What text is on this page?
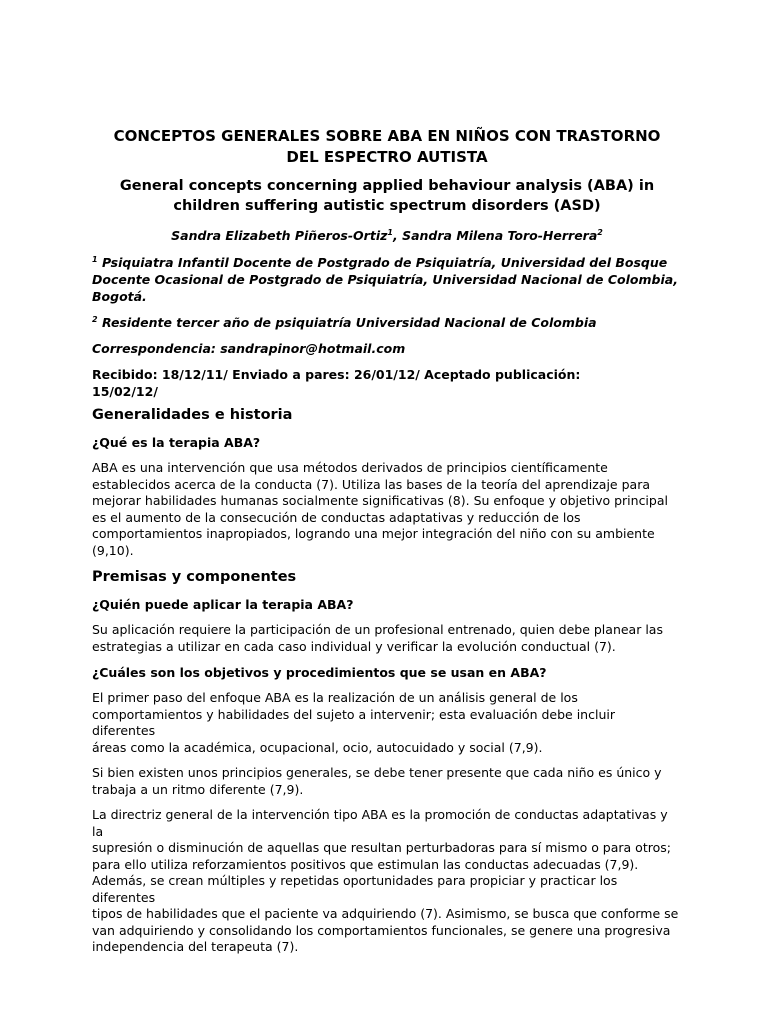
CONCEPTOS GENERALES SOBRE ABA EN NIÑOS CON TRASTORNO
DEL ESPECTRO AUTISTA
General concepts concerning applied behaviour analysis (ABA) in
children suffering autistic spectrum disorders (ASD)
Sandra Elizabeth Piñeros-Ortiz$^1$, Sandra Milena Toro-Herrera$^2$
$^1$ Psiquiatra Infantil Docente de Postgrado de Psiquiatría, Universidad del Bosque
Docente Ocasional de Postgrado de Psiquiatría, Universidad Nacional de Colombia,
Bogotá.
$^2$ Residente tercer año de psiquiatría Universidad Nacional de Colombia
Correspondencia: sandrapinor@hotmail.com
Recibido: 18/12/11/ Enviado a pares: 26/01/12/ Aceptado publicación:
15/02/12/
Generalidades e historia
¿Qué es la terapia ABA?

ABA es una intervención que usa métodos derivados de principios científicamente
establecidos acerca de la conducta (7). Utiliza las bases de la teoría del aprendizaje para
mejorar habilidades humanas socialmente significativas (8). Su enfoque y objetivo principal
es el aumento de la consecución de conductas adaptativas y reducción de los
comportamientos inapropiados, logrando una mejor integración del niño con su ambiente
(9,10).

Premisas y componentes
¿Quién puede aplicar la terapia ABA?

Su aplicación requiere la participación de un profesional entrenado, quien debe planear las
estrategias a utilizar en cada caso individual y verificar la evolución conductual (7).

¿Cuáles son los objetivos y procedimientos que se usan en ABA?

El primer paso del enfoque ABA es la realización de un análisis general de los
comportamientos y habilidades del sujeto a intervenir; esta evaluación debe incluir diferentes
áreas como la académica, ocupacional, ocio, autocuidado y social (7,9).

Si bien existen unos principios generales, se debe tener presente que cada niño es único y
trabaja a un ritmo diferente (7,9).

La directriz general de la intervención tipo ABA es la promoción de conductas adaptativas y la
supresión o disminución de aquellas que resultan perturbadoras para sí mismo o para otros;
para ello utiliza reforzamientos positivos que estimulan las conductas adecuadas (7,9).
Además, se crean múltiples y repetidas oportunidades para propiciar y practicar los diferentes
tipos de habilidades que el paciente va adquiriendo (7). Asimismo, se busca que conforme se
van adquiriendo y consolidando los comportamientos funcionales, se genere una progresiva
independencia del terapeuta (7).
